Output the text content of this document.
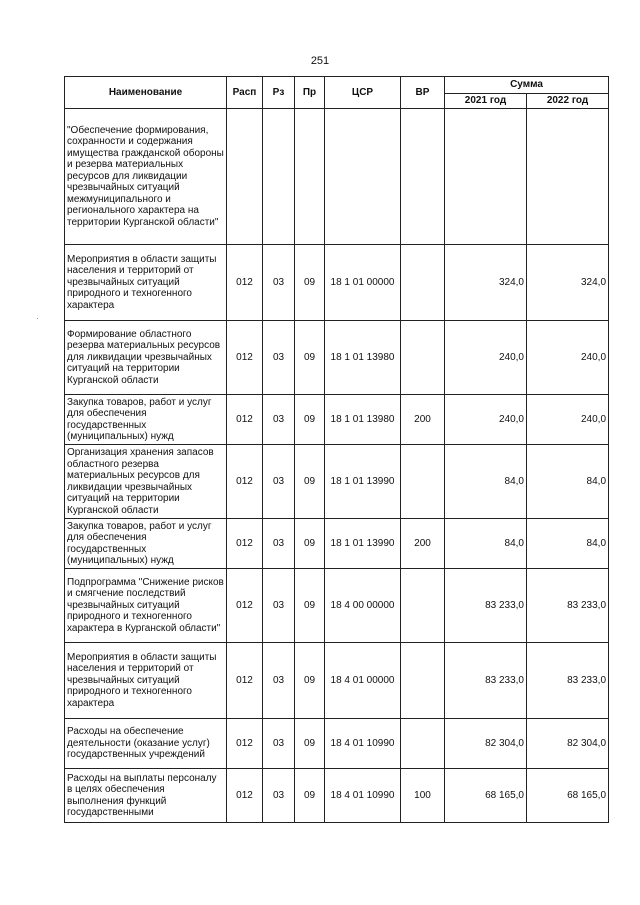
251
Наименование	Расп	Рз	Пр	ЦСР	ВР	Сумма	
						2021 год	2022 год
"Обеспечение формирования, сохранности и содержания имущества гражданской обороны и резерва материальных ресурсов для ликвидации чрезвычайных ситуаций межмуниципального и регионального характера на территории Курганской области"							
Мероприятия в области защиты населения и территорий от чрезвычайных ситуаций природного и техногенного характера	012	03	09	18 1 01 00000		324,0	324,0
Формирование областного резерва материальных ресурсов для ликвидации чрезвычайных ситуаций на территории Курганской области	012	03	09	18 1 01 13980		240,0	240,0
Закупка товаров, работ и услуг для обеспечения государственных (муниципальных) нужд	012	03	09	18 1 01 13980	200	240,0	240,0
Организация хранения запасов областного резерва материальных ресурсов для ликвидации чрезвычайных ситуаций на территории Курганской области	012	03	09	18 1 01 13990		84,0	84,0
Закупка товаров, работ и услуг для обеспечения государственных (муниципальных) нужд	012	03	09	18 1 01 13990	200	84,0	84,0
Подпрограмма "Снижение рисков и смягчение последствий чрезвычайных ситуаций природного и техногенного характера в Курганской области"	012	03	09	18 4 00 00000		83 233,0	83 233,0
Мероприятия в области защиты населения и территорий от чрезвычайных ситуаций природного и техногенного характера	012	03	09	18 4 01 00000		83 233,0	83 233,0
Расходы на обеспечение деятельности (оказание услуг) государственных учреждений	012	03	09	18 4 01 10990		82 304,0	82 304,0
Расходы на выплаты персоналу в целях обеспечения выполнения функций государственными	012	03	09	18 4 01 10990	100	68 165,0	68 165,0
